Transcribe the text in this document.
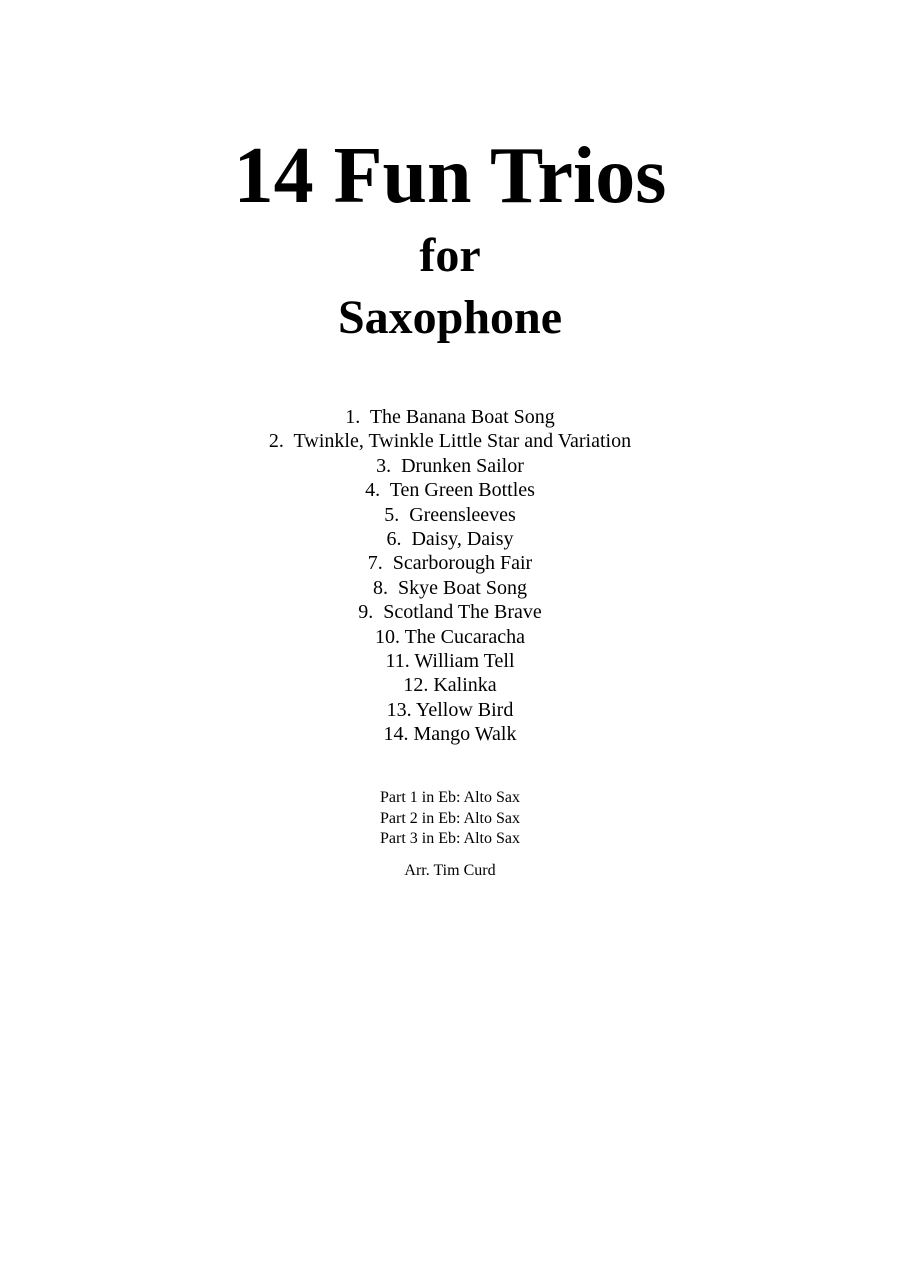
14 Fun Trios
for
Saxophone
1.  The Banana Boat Song
2.  Twinkle, Twinkle Little Star and Variation
3.  Drunken Sailor
4.  Ten Green Bottles
5.  Greensleeves
6.  Daisy, Daisy
7.  Scarborough Fair
8.  Skye Boat Song
9.  Scotland The Brave
10. The Cucaracha
11. William Tell
12. Kalinka
13. Yellow Bird
14. Mango Walk
Part 1 in Eb: Alto Sax
Part 2 in Eb: Alto Sax
Part 3 in Eb: Alto Sax
Arr. Tim Curd
